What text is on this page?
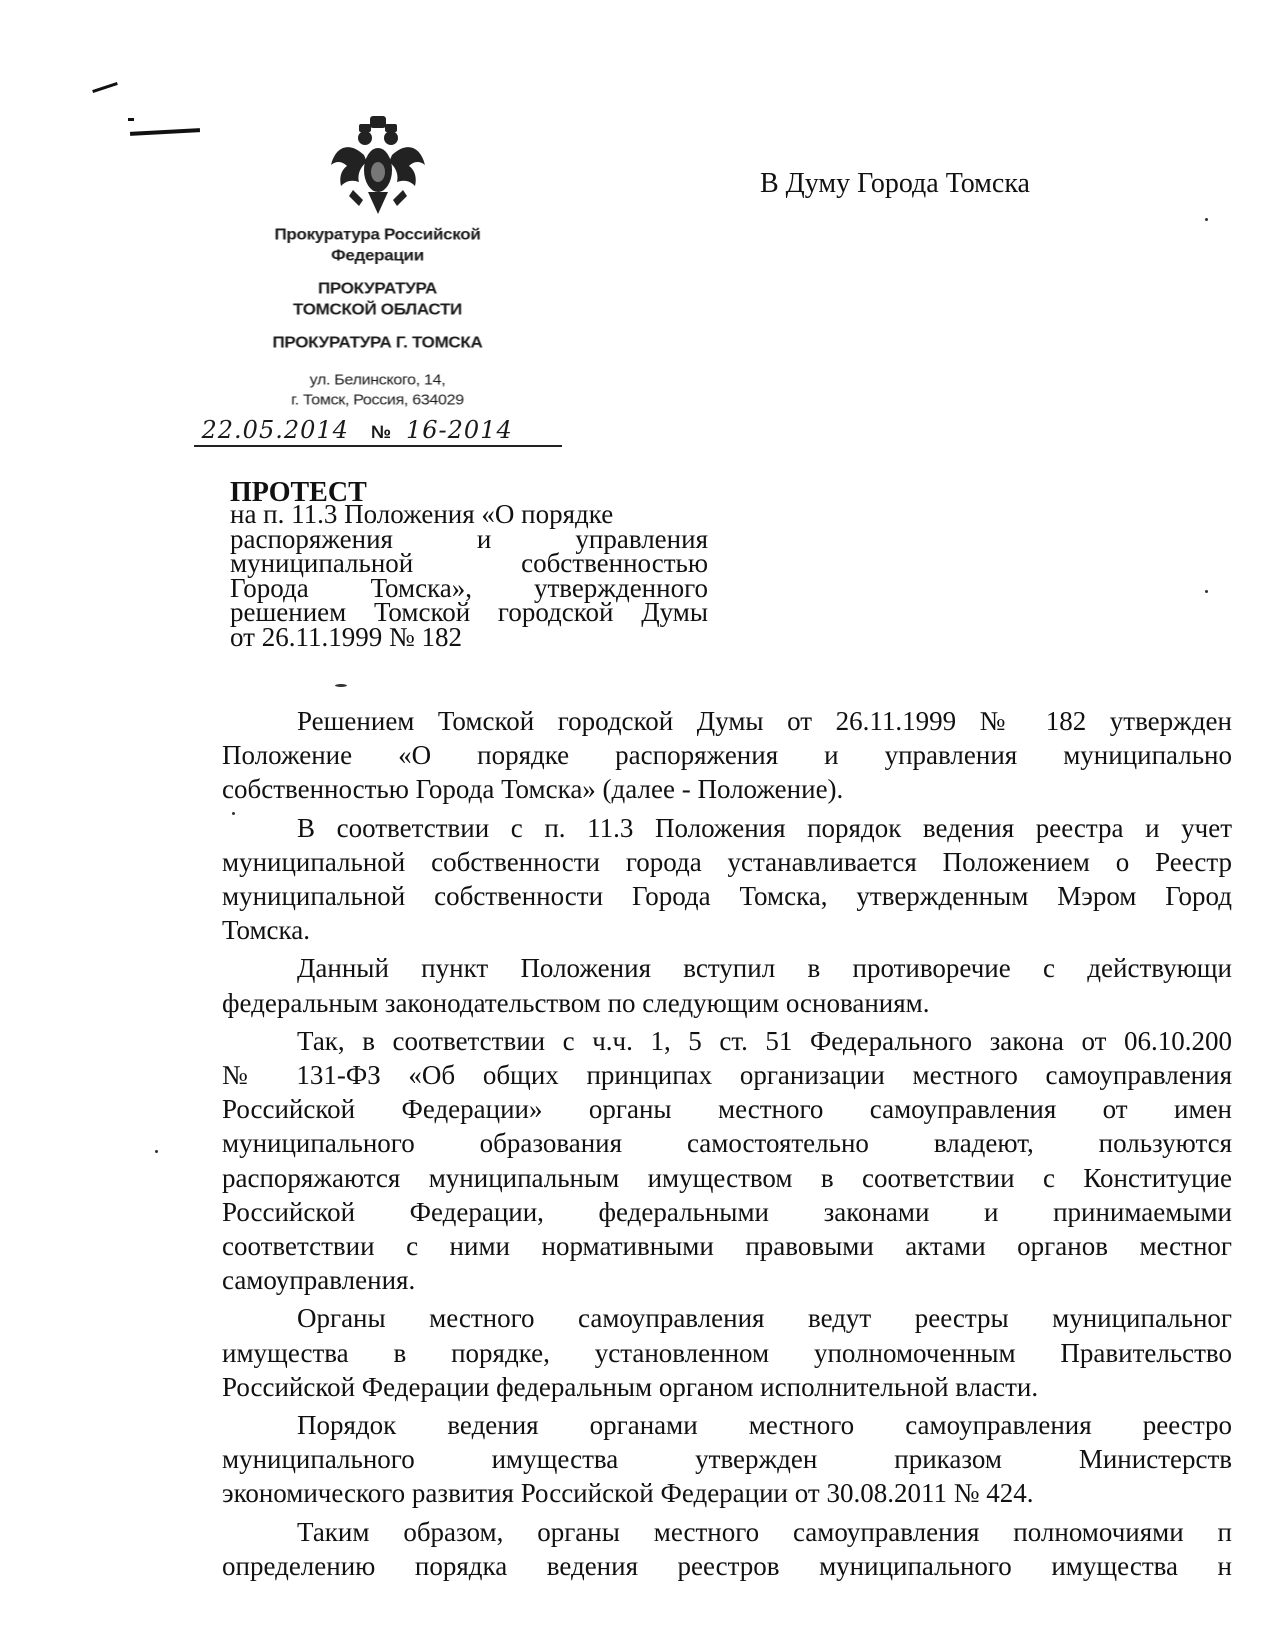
Прокуратура Российской
Федерации
ПРОКУРАТУРА
ТОМСКОЙ ОБЛАСТИ
ПРОКУРАТУРА Г. ТОМСКА
ул. Белинского, 14,
г. Томск, Россия, 634029
22.05.2014 № 16-2014
В Думу Города Томска
ПРОТЕСТ
на п. 11.3 Положения «О порядке
распоряжения и управления
муниципальной собственностью
Города Томска», утвержденного
решением Томской городской Думы
от 26.11.1999 № 182
Решением Томской городской Думы от 26.11.1999 № 182 утвержден
Положение «О порядке распоряжения и управления муниципально
собственностью Города Томска» (далее - Положение).
В соответствии с п. 11.3 Положения порядок ведения реестра и учет
муниципальной собственности города устанавливается Положением о Реестр
муниципальной собственности Города Томска, утвержденным Мэром Город
Томска.
Данный пункт Положения вступил в противоречие с действующи
федеральным законодательством по следующим основаниям.
Так, в соответствии с ч.ч. 1, 5 ст. 51 Федерального закона от 06.10.200
№ 131-ФЗ «Об общих принципах организации местного самоуправления
Российской Федерации» органы местного самоуправления от имен
муниципального образования самостоятельно владеют, пользуются
распоряжаются муниципальным имуществом в соответствии с Конституцие
Российской Федерации, федеральными законами и принимаемыми
соответствии с ними нормативными правовыми актами органов местног
самоуправления.
Органы местного самоуправления ведут реестры муниципальног
имущества в порядке, установленном уполномоченным Правительство
Российской Федерации федеральным органом исполнительной власти.
Порядок ведения органами местного самоуправления реестро
муниципального имущества утвержден приказом Министерств
экономического развития Российской Федерации от 30.08.2011 № 424.
Таким образом, органы местного самоуправления полномочиями п
определению порядка ведения реестров муниципального имущества н
